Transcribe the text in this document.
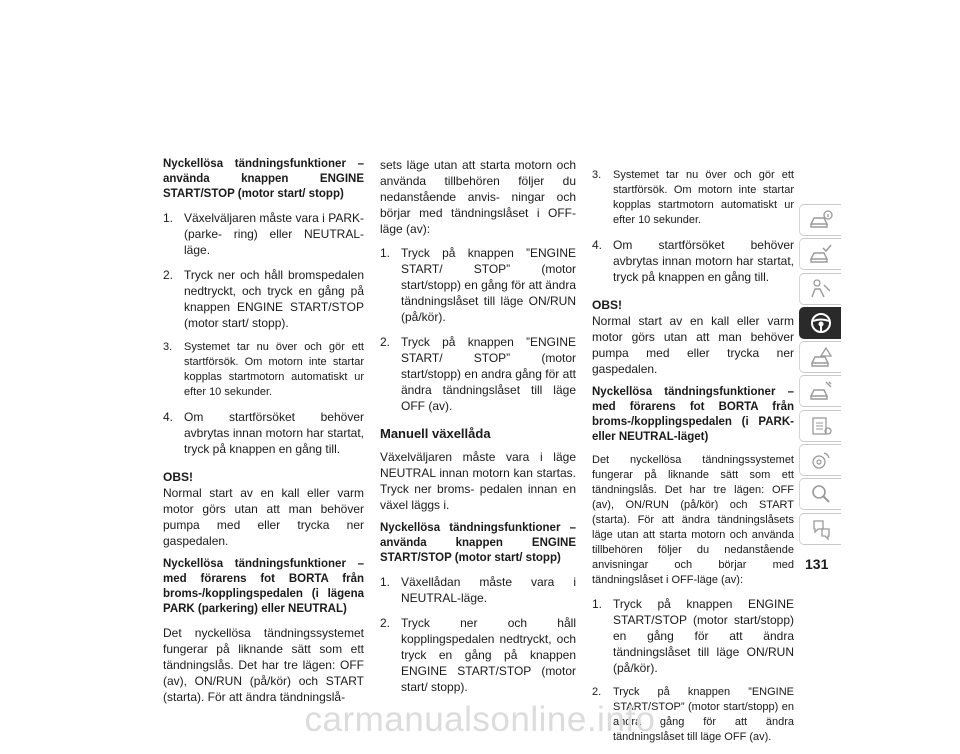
Nyckellösa tändningsfunktioner – använda knappen ENGINE START/STOP (motor start/ stopp)
1. Växelväljaren måste vara i PARK- (parke- ring) eller NEUTRAL-läge.
2. Tryck ner och håll bromspedalen nedtryckt, och tryck en gång på knappen ENGINE START/STOP (motor start/ stopp).
3. Systemet tar nu över och gör ett startförsök. Om motorn inte startar kopplas startmotorn automatiskt ur efter 10 sekunder.
4. Om startförsöket behöver avbrytas innan motorn har startat, tryck på knappen en gång till.
OBS!
Normal start av en kall eller varm motor görs utan att man behöver pumpa med eller trycka ner gaspedalen.
Nyckellösa tändningsfunktioner – med förarens fot BORTA från broms-/kopplingspedalen (i lägena PARK (parkering) eller NEUTRAL)
Det nyckellösa tändningssystemet fungerar på liknande sätt som ett tändningslås. Det har tre lägen: OFF (av), ON/RUN (på/kör) och START (starta). För att ändra tändningslå-
sets läge utan att starta motorn och använda tillbehören följer du nedanstående anvis- ningar och börjar med tändningslåset i OFF-läge (av):
1. Tryck på knappen ”ENGINE START/ STOP” (motor start/stopp) en gång för att ändra tändningslåset till läge ON/RUN (på/kör).
2. Tryck på knappen ”ENGINE START/ STOP” (motor start/stopp) en andra gång för att ändra tändningslåset till läge OFF (av).
Manuell växellåda
Växelväljaren måste vara i läge NEUTRAL innan motorn kan startas. Tryck ner broms- pedalen innan en växel läggs i.
Nyckellösa tändningsfunktioner – använda knappen ENGINE START/STOP (motor start/ stopp)
1. Växellådan måste vara i NEUTRAL-läge.
2. Tryck ner och håll kopplingspedalen nedtryckt, och tryck en gång på knappen ENGINE START/STOP (motor start/ stopp).
3. Systemet tar nu över och gör ett startförsök. Om motorn inte startar kopplas startmotorn automatiskt ur efter 10 sekunder.
4. Om startförsöket behöver avbrytas innan motorn har startat, tryck på knappen en gång till.
OBS!
Normal start av en kall eller varm motor görs utan att man behöver pumpa med eller trycka ner gaspedalen.
Nyckellösa tändningsfunktioner – med förarens fot BORTA från broms-/kopplingspedalen (i PARK- eller NEUTRAL-läget)
Det nyckellösa tändningssystemet fungerar på liknande sätt som ett tändningslås. Det har tre lägen: OFF (av), ON/RUN (på/kör) och START (starta). För att ändra tändningslåsets läge utan att starta motorn och använda tillbehören följer du nedanstående anvisningar och börjar med tändningslåset i OFF-läge (av):
1. Tryck på knappen ENGINE START/STOP (motor start/stopp) en gång för att ändra tändningslåset till läge ON/RUN (på/kör).
2. Tryck på knappen ”ENGINE START/STOP” (motor start/stopp) en andra gång för att ändra tändningslåset till läge OFF (av).
131
carmanualsonline.info
